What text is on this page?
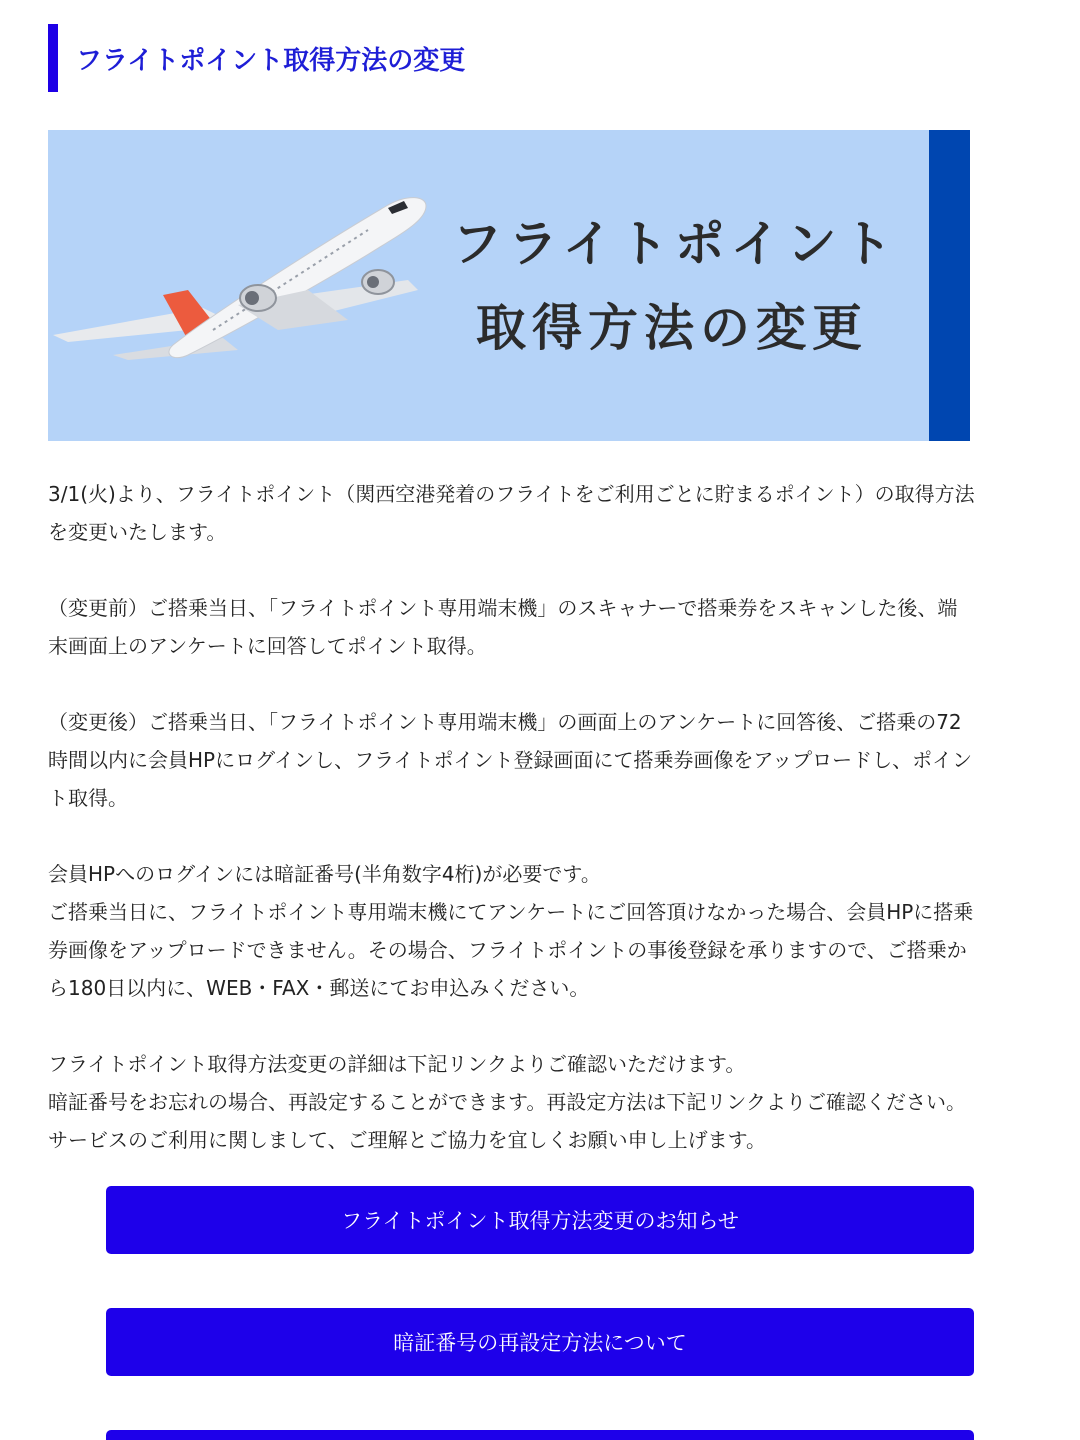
フライトポイント取得方法の変更
フライトポイント
取得方法の変更

3/1(火)より、フライトポイント（関西空港発着のフライトをご利用ごとに貯まるポイント）の取得方法
を変更いたします。

（変更前）ご搭乗当日、「フライトポイント専用端末機」のスキャナーで搭乗券をスキャンした後、端
末画面上のアンケートに回答してポイント取得。

（変更後）ご搭乗当日、「フライトポイント専用端末機」の画面上のアンケートに回答後、ご搭乗の72
時間以内に会員HPにログインし、フライトポイント登録画面にて搭乗券画像をアップロードし、ポイン
ト取得。

会員HPへのログインには暗証番号(半角数字4桁)が必要です。

ご搭乗当日に、フライトポイント専用端末機にてアンケートにご回答頂けなかった場合、会員HPに搭乗
券画像をアップロードできません。その場合、フライトポイントの事後登録を承りますので、ご搭乗か
ら180日以内に、WEB・FAX・郵送にてお申込みください。

フライトポイント取得方法変更の詳細は下記リンクよりご確認いただけます。

暗証番号をお忘れの場合、再設定することができます。再設定方法は下記リンクよりご確認ください。

サービスのご利用に関しまして、ご理解とご協力を宜しくお願い申し上げます。

フライトポイント取得方法変更のお知らせ
暗証番号の再設定方法について
